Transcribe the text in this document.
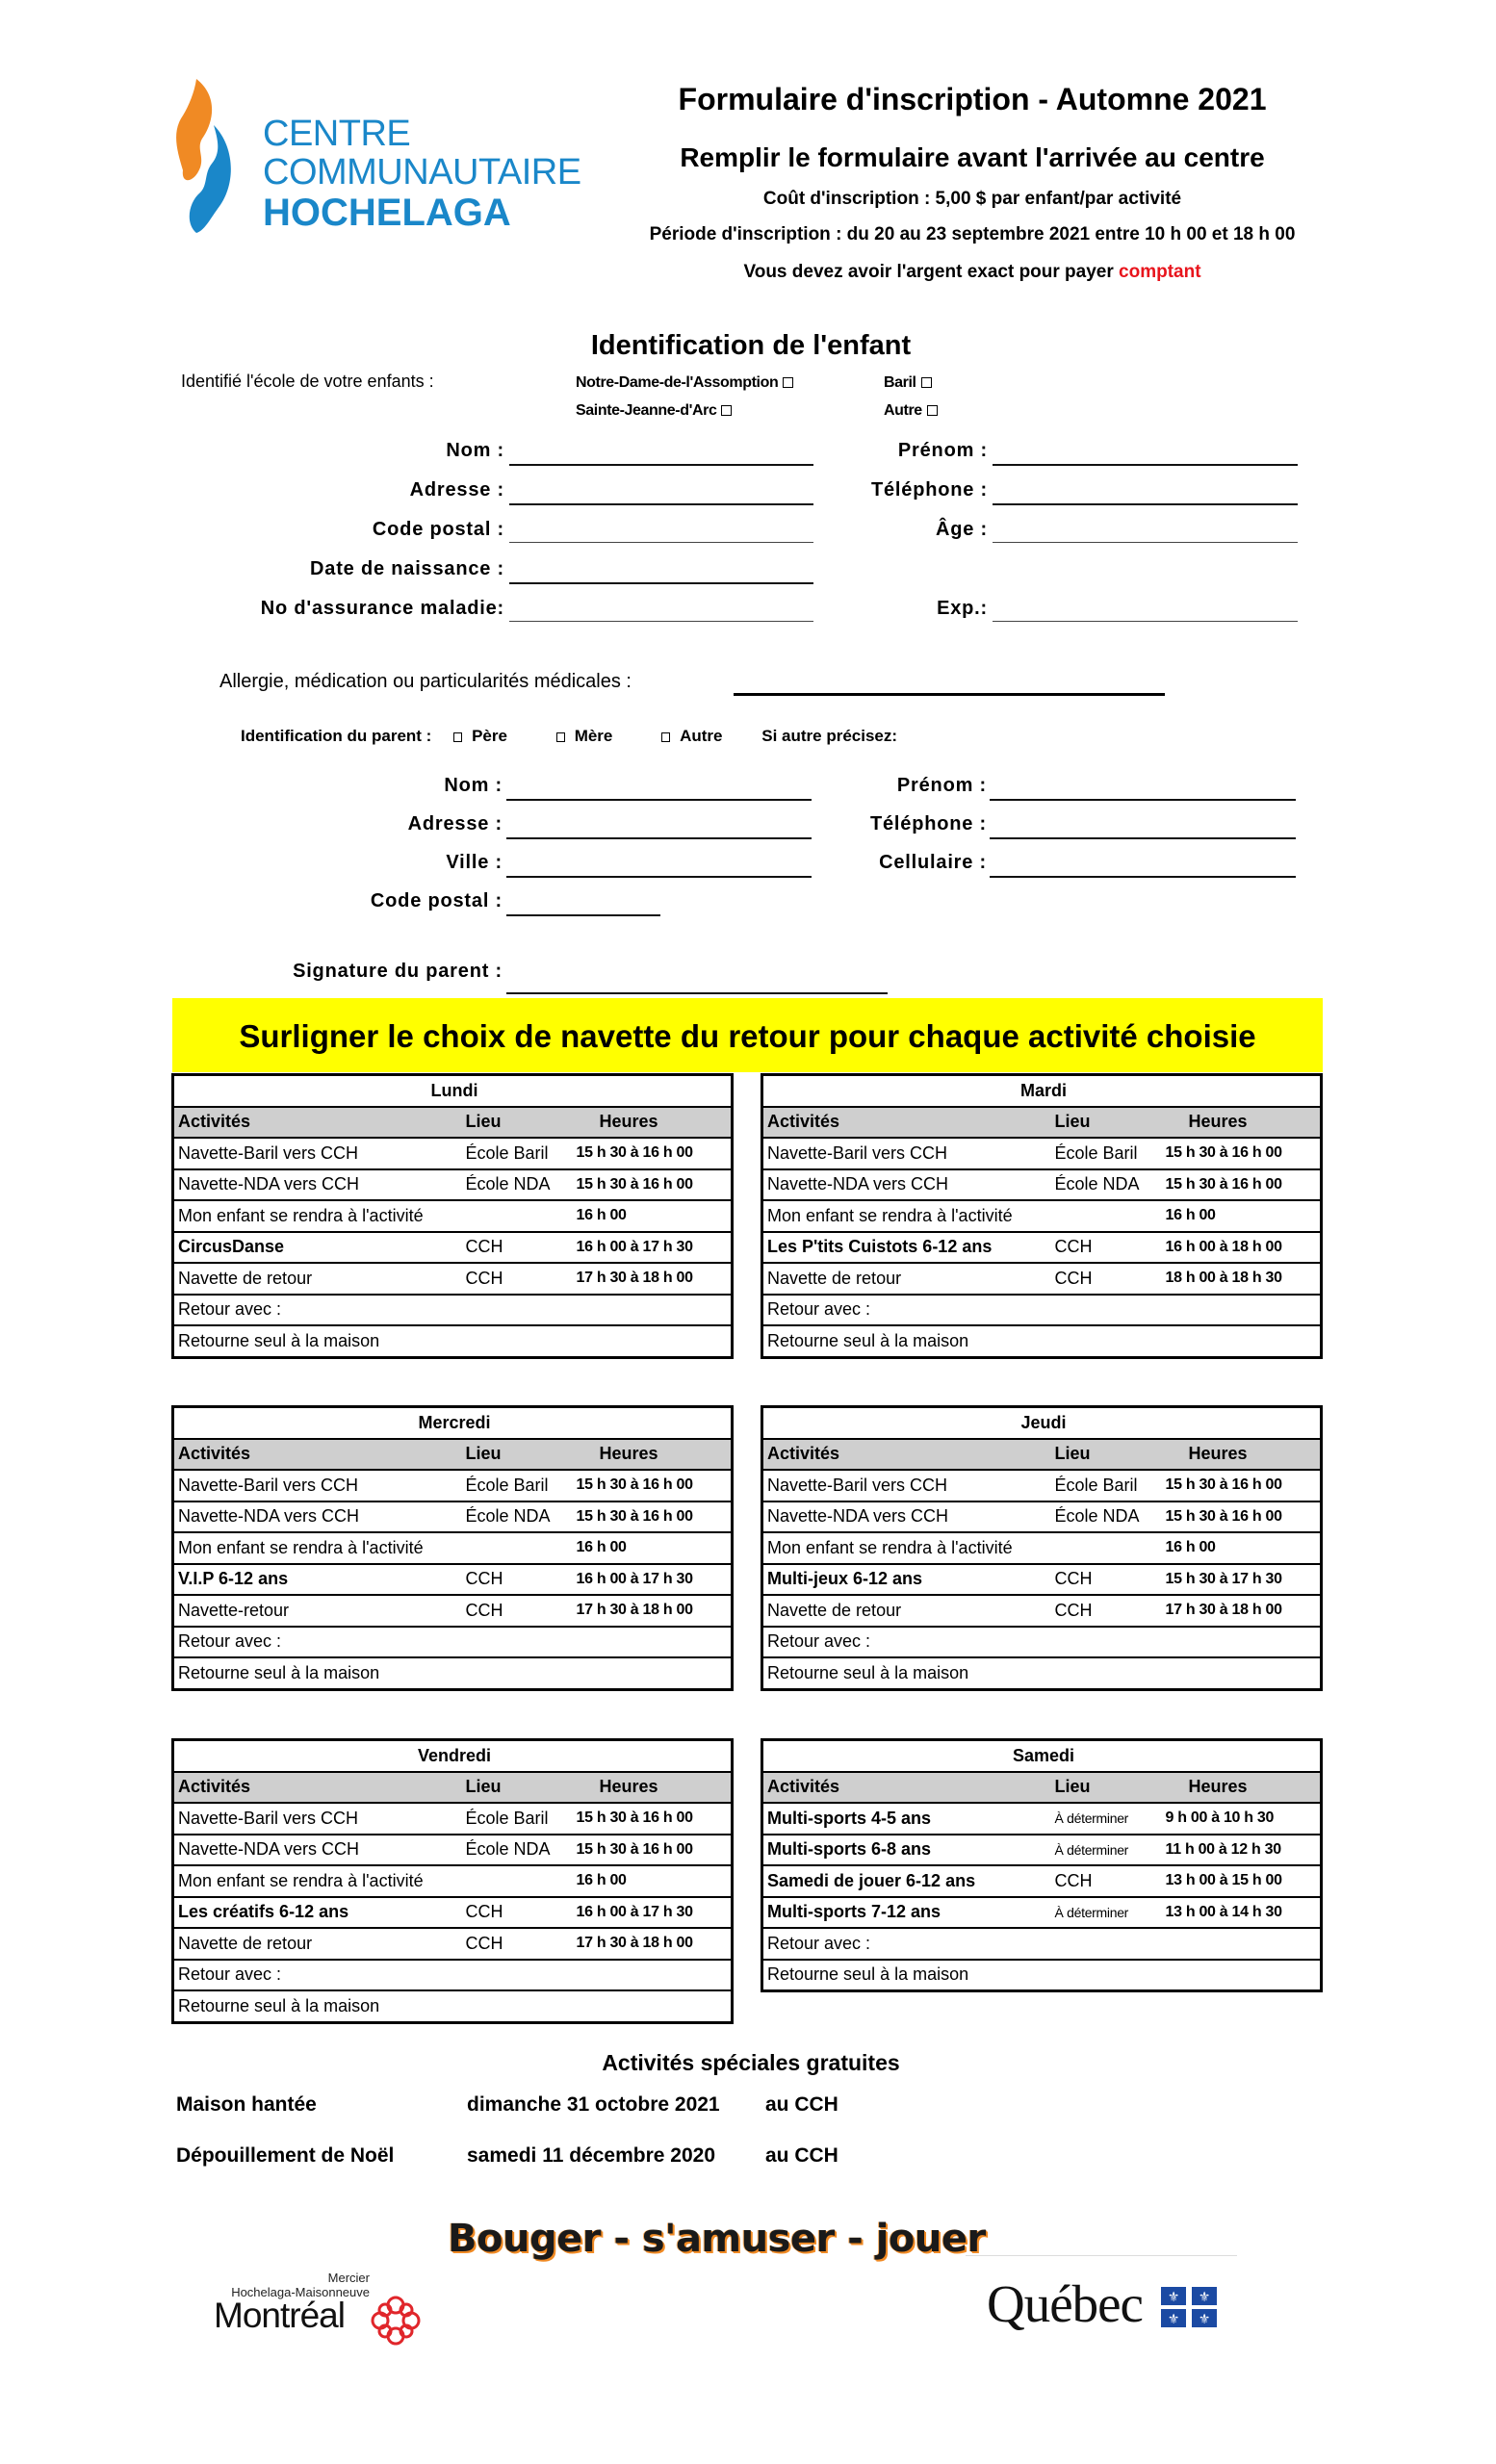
CENTRE
COMMUNAUTAIRE
HOCHELAGA
Formulaire d'inscription - Automne 2021
Remplir le formulaire avant l'arrivée au centre
Coût d'inscription : 5,00 $ par enfant/par activité
Période d'inscription : du 20 au 23 septembre 2021 entre 10 h 00 et 18 h 00
Vous devez avoir l'argent exact pour payer comptant
Identification de l'enfant
Identifié l'école de votre enfants :	Notre-Dame-de-l'Assomption	Baril
Sainte-Jeanne-d'Arc	Autre
Nom :
Adresse :
Code postal :
Date de naissance :
No d'assurance maladie:
Prénom :
Téléphone :
Âge :
Exp.:
Allergie, médication ou particularités médicales :
Identification du parent : Père	Mère	Autre Si autre précisez:
Nom :
Adresse :
Ville :
Code postal :
Prénom :
Téléphone :
Cellulaire :
Signature du parent :
Surligner le choix de navette du retour pour chaque activité choisie
Lundi		
Activités	Lieu	Heures
Navette-Baril vers CCH	École Baril	15 h 30 à 16 h 00
Navette-NDA vers CCH	École NDA	15 h 30 à 16 h 00
Mon enfant se rendra à l'activité		16 h 00
CircusDanse	CCH	16 h 00 à 17 h 30
Navette de retour	CCH	17 h 30 à 18 h 00
Retour avec :		
Retourne seul à la maison		
Mardi		
Activités	Lieu	Heures
Navette-Baril vers CCH	École Baril	15 h 30 à 16 h 00
Navette-NDA vers CCH	École NDA	15 h 30 à 16 h 00
Mon enfant se rendra à l'activité		16 h 00
Les P'tits Cuistots 6-12 ans	CCH	16 h 00 à 18 h 00
Navette de retour	CCH	18 h 00 à 18 h 30
Retour avec :		
Retourne seul à la maison		
Mercredi		
Activités	Lieu	Heures
Navette-Baril vers CCH	École Baril	15 h 30 à 16 h 00
Navette-NDA vers CCH	École NDA	15 h 30 à 16 h 00
Mon enfant se rendra à l'activité		16 h 00
V.I.P 6-12 ans	CCH	16 h 00 à 17 h 30
Navette-retour	CCH	17 h 30 à 18 h 00
Retour avec :		
Retourne seul à la maison		
Jeudi		
Activités	Lieu	Heures
Navette-Baril vers CCH	École Baril	15 h 30 à 16 h 00
Navette-NDA vers CCH	École NDA	15 h 30 à 16 h 00
Mon enfant se rendra à l'activité		16 h 00
Multi-jeux 6-12 ans	CCH	15 h 30 à 17 h 30
Navette de retour	CCH	17 h 30 à 18 h 00
Retour avec :		
Retourne seul à la maison		
Vendredi		
Activités	Lieu	Heures
Navette-Baril vers CCH	École Baril	15 h 30 à 16 h 00
Navette-NDA vers CCH	École NDA	15 h 30 à 16 h 00
Mon enfant se rendra à l'activité		16 h 00
Les créatifs 6-12 ans	CCH	16 h 00 à 17 h 30
Navette de retour	CCH	17 h 30 à 18 h 00
Retour avec :		
Retourne seul à la maison		
Samedi		
Activités	Lieu	Heures
Multi-sports 4-5 ans	À déterminer	9 h 00 à 10 h 30
Multi-sports 6-8 ans	À déterminer	11 h 00 à 12 h 30
Samedi de jouer 6-12 ans	CCH	13 h 00 à 15 h 00
Multi-sports 7-12 ans	À déterminer	13 h 00 à 14 h 30
Retour avec :		
Retourne seul à la maison		
Activités spéciales gratuites
Maison hantée	dimanche 31 octobre 2021 au CCH
Dépouillement de Noël	samedi 11 décembre 2020 au CCH
Bouger - s'amuser - jouer
Mercier
Hochelaga-Maisonneuve
Montréal	Québec ⚜ ⚜
⚜ ⚜
